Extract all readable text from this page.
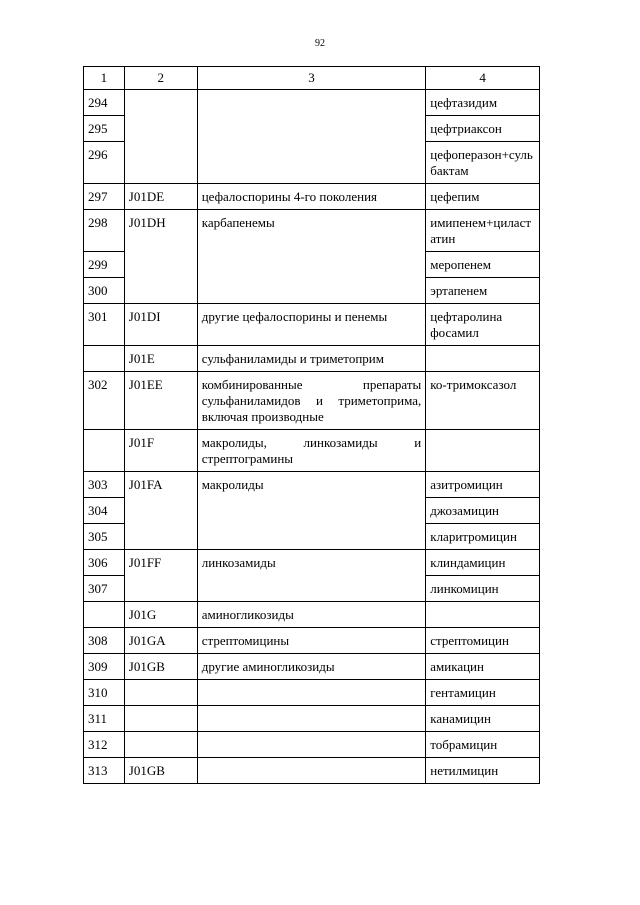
92
1	2	3	4
294			цефтазидим
295			цефтриаксон
296			цефоперазон+сульбактам
297	J01DE	цефалоспорины 4-го поколения	цефепим
298	J01DH	карбапенемы	имипенем+циластатин
299			меропенем
300			эртапенем
301	J01DI	другие цефалоспорины и пенемы	цефтаролина фосамил
	J01E	сульфаниламиды и триметоприм	
302	J01EE	комбинированные препараты сульфаниламидов и триметоприма, включая производные	ко-тримоксазол
	J01F	макролиды, линкозамиды и стрептограмины	
303	J01FA	макролиды	азитромицин
304			джозамицин
305			кларитромицин
306	J01FF	линкозамиды	клиндамицин
307			линкомицин
	J01G	аминогликозиды	
308	J01GA	стрептомицины	стрептомицин
309	J01GB	другие аминогликозиды	амикацин
310			гентамицин
311			канамицин
312			тобрамицин
313	J01GB		нетилмицин
